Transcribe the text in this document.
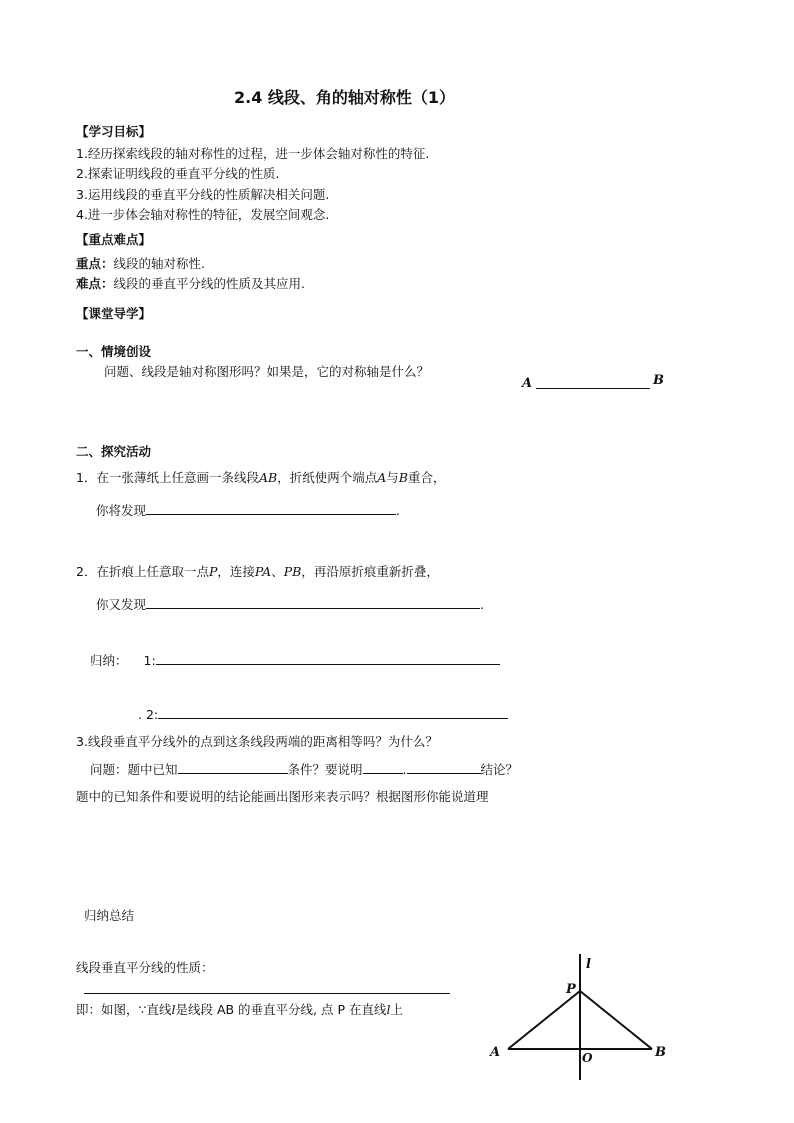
2.4 线段、角的轴对称性（1）
【学习目标】
1.经历探索线段的轴对称性的过程，进一步体会轴对称性的特征.
2.探索证明线段的垂直平分线的性质.
3.运用线段的垂直平分线的性质解决相关问题.
4.进一步体会轴对称性的特征，发展空间观念.
【重点难点】
重点：线段的轴对称性.
难点：线段的垂直平分线的性质及其应用.
【课堂导学】
一、情境创设
问题、线段是轴对称图形吗？如果是，它的对称轴是什么？
A	B
二、探究活动
1．在一张薄纸上任意画一条线段AB，折纸使两个端点A与B重合，
你将发现	.
2．在折痕上任意取一点P，连接PA、PB，再沿原折痕重新折叠，
你又发现	.
归纳： 1:
. 2:
3.线段垂直平分线外的点到这条线段两端的距离相等吗？为什么？
问题：题中已知	条件？要说明	.	结论？
题中的已知条件和要说明的结论能画出图形来表示吗？根据图形你能说道理
归纳总结
线段垂直平分线的性质：
即：如图，∵直线l是线段 AB 的垂直平分线, 点 P 在直线l上
l
P
A	B
O
